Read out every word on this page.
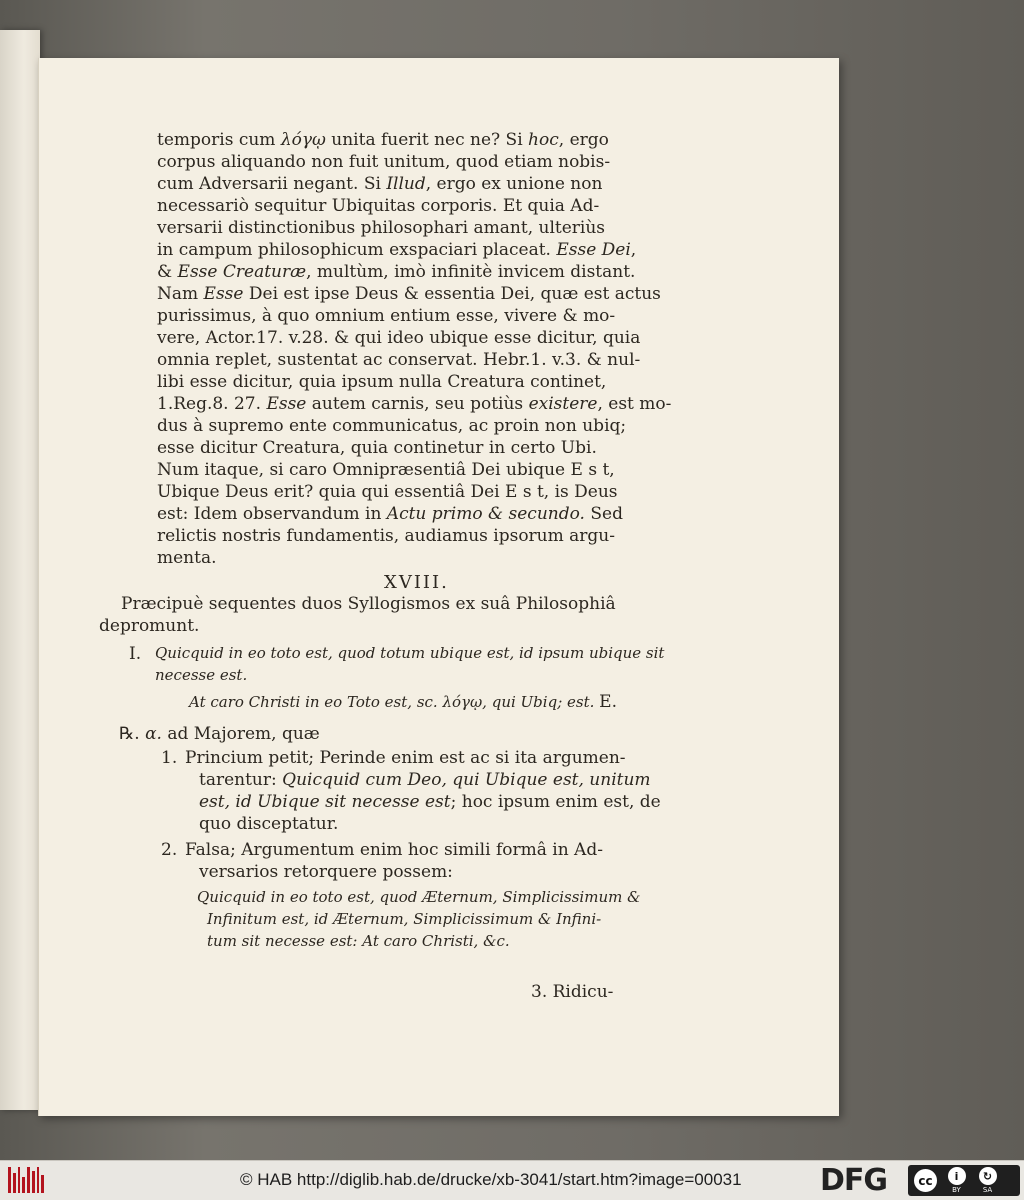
temporis cum λόγῳ unita fuerit nec ne? Si hoc, ergo
corpus aliquando non fuit unitum, quod etiam nobis-
cum Adversarii negant. Si Illud, ergo ex unione non
necessariò sequitur Ubiquitas corporis. Et quia Ad-
versarii distinctionibus philosophari amant, ulteriùs
in campum philosophicum exspaciari placeat. Esse Dei,
& Esse Creaturæ, multùm, imò infinitè invicem distant.
Nam Esse Dei est ipse Deus & essentia Dei, quæ est actus
purissimus, à quo omnium entium esse, vivere & mo-
vere, Actor.17. v.28. & qui ideo ubique esse dicitur, quia
omnia replet, sustentat ac conservat. Hebr.1. v.3. & nul-
libi esse dicitur, quia ipsum nulla Creatura continet,
1.Reg.8. 27. Esse autem carnis, seu potiùs existere, est mo-
dus à supremo ente communicatus, ac proin non ubiq;
esse dicitur Creatura, quia continetur in certo Ubi.
Num itaque, si caro Omnipræsentiâ Dei ubique E s t,
Ubique Deus erit? quia qui essentiâ Dei E s t, is Deus
est: Idem observandum in Actu primo & secundo. Sed
relictis nostris fundamentis, audiamus ipsorum argu-
menta.
XVIII.
Præcipuè sequentes duos Syllogismos ex suâ Philosophiâ
depromunt.
I. Quicquid in eo toto est, quod totum ubique est, id ipsum ubique sit
necesse est.
At caro Christi in eo Toto est, sc. λόγῳ, qui Ubiq; est. E.
℞. α. ad Majorem, quæ
1. Princium petit; Perinde enim est ac si ita argumen-
tarentur: Quicquid cum Deo, qui Ubique est, unitum
est, id Ubique sit necesse est; hoc ipsum enim est, de
quo disceptatur.
2. Falsa; Argumentum enim hoc simili formâ in Ad-
versarios retorquere possem:
Quicquid in eo toto est, quod Æternum, Simplicissimum &
Infinitum est, id Æternum, Simplicissimum & Infini-
tum sit necesse est: At caro Christi, &c.
3. Ridicu-
© HAB http://diglib.hab.de/drucke/xb-3041/start.htm?image=00031	DFG	cc	i
BY
↻
SA
